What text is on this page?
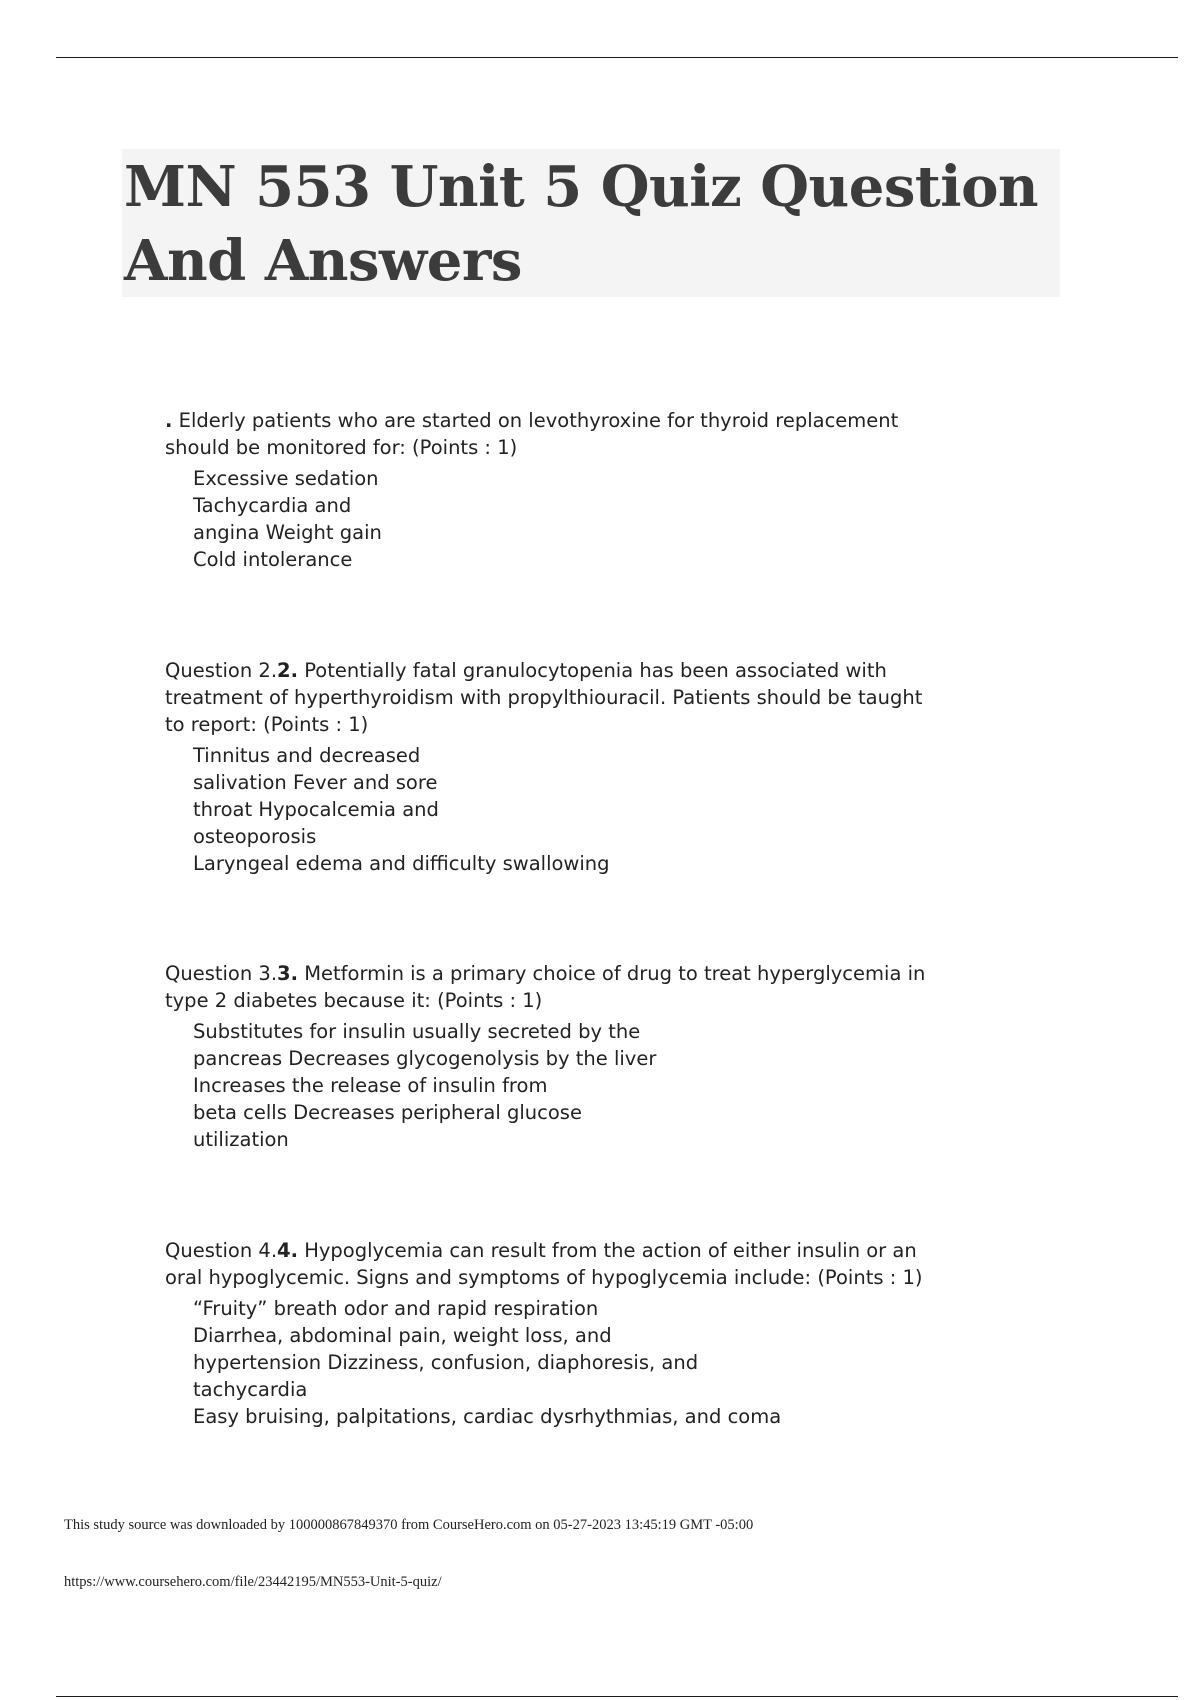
MN 553 Unit 5 Quiz Question And Answers

. Elderly patients who are started on levothyroxine for thyroid replacement
should be monitored for: (Points : 1)

Excessive sedation
Tachycardia and
angina Weight gain
Cold intolerance

Question 2.2. Potentially fatal granulocytopenia has been associated with
treatment of hyperthyroidism with propylthiouracil. Patients should be taught
to report: (Points : 1)

Tinnitus and decreased
salivation Fever and sore
throat Hypocalcemia and
osteoporosis
Laryngeal edema and difficulty swallowing

Question 3.3. Metformin is a primary choice of drug to treat hyperglycemia in
type 2 diabetes because it: (Points : 1)

Substitutes for insulin usually secreted by the
pancreas Decreases glycogenolysis by the liver
Increases the release of insulin from
beta cells Decreases peripheral glucose
utilization

Question 4.4. Hypoglycemia can result from the action of either insulin or an
oral hypoglycemic. Signs and symptoms of hypoglycemia include: (Points : 1)

“Fruity” breath odor and rapid respiration
Diarrhea, abdominal pain, weight loss, and
hypertension Dizziness, confusion, diaphoresis, and
tachycardia
Easy bruising, palpitations, cardiac dysrhythmias, and coma

This study source was downloaded by 100000867849370 from CourseHero.com on 05-27-2023 13:45:19 GMT -05:00

https://www.coursehero.com/file/23442195/MN553-Unit-5-quiz/
